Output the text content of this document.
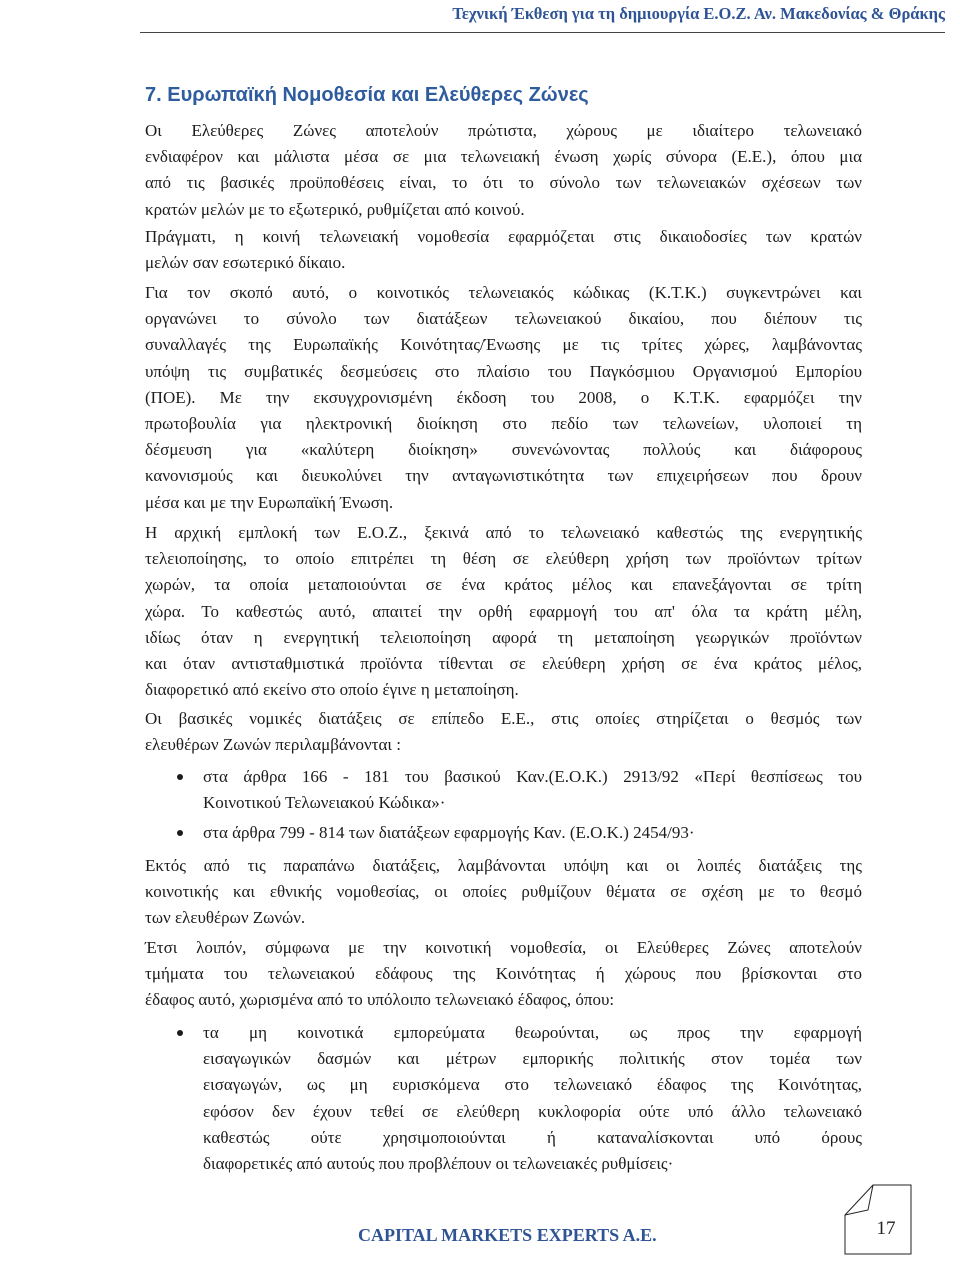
Τεχνική Έκθεση για τη δημιουργία Ε.Ο.Ζ. Αν. Μακεδονίας & Θράκης
7. Ευρωπαϊκή Νομοθεσία και Ελεύθερες Ζώνες
Οι Ελεύθερες Ζώνες αποτελούν πρώτιστα, χώρους με ιδιαίτερο τελωνειακό
ενδιαφέρον και μάλιστα μέσα σε μια τελωνειακή ένωση χωρίς σύνορα (Ε.Ε.), όπου μια
από τις βασικές προϋποθέσεις είναι, το ότι το σύνολο των τελωνειακών σχέσεων των
κρατών μελών με το εξωτερικό, ρυθμίζεται από κοινού.
Πράγματι, η κοινή τελωνειακή νομοθεσία εφαρμόζεται στις δικαιοδοσίες των κρατών
μελών σαν εσωτερικό δίκαιο.
Για τον σκοπό αυτό, ο κοινοτικός τελωνειακός κώδικας (Κ.Τ.Κ.) συγκεντρώνει και
οργανώνει το σύνολο των διατάξεων τελωνειακού δικαίου, που διέπουν τις
συναλλαγές της Ευρωπαϊκής Κοινότητας/Ένωσης με τις τρίτες χώρες, λαμβάνοντας
υπόψη τις συμβατικές δεσμεύσεις στο πλαίσιο του Παγκόσμιου Οργανισμού Εμπορίου
(ΠΟΕ). Με την εκσυγχρονισμένη έκδοση του 2008, ο Κ.Τ.Κ. εφαρμόζει την
πρωτοβουλία για ηλεκτρονική διοίκηση στο πεδίο των τελωνείων, υλοποιεί τη
δέσμευση για «καλύτερη διοίκηση» συνενώνοντας πολλούς και διάφορους
κανονισμούς και διευκολύνει την ανταγωνιστικότητα των επιχειρήσεων που δρουν
μέσα και με την Ευρωπαϊκή Ένωση.
Η αρχική εμπλοκή των Ε.Ο.Ζ., ξεκινά από το τελωνειακό καθεστώς της ενεργητικής
τελειοποίησης, το οποίο επιτρέπει τη θέση σε ελεύθερη χρήση των προϊόντων τρίτων
χωρών, τα οποία μεταποιούνται σε ένα κράτος μέλος και επανεξάγονται σε τρίτη
χώρα. Το καθεστώς αυτό, απαιτεί την ορθή εφαρμογή του απ' όλα τα κράτη μέλη,
ιδίως όταν η ενεργητική τελειοποίηση αφορά τη μεταποίηση γεωργικών προϊόντων
και όταν αντισταθμιστικά προϊόντα τίθενται σε ελεύθερη χρήση σε ένα κράτος μέλος,
διαφορετικό από εκείνο στο οποίο έγινε η μεταποίηση.
Οι βασικές νομικές διατάξεις σε επίπεδο Ε.Ε., στις οποίες στηρίζεται ο θεσμός των
ελευθέρων Ζωνών περιλαμβάνονται :
στα άρθρα 166 - 181 του βασικού Καν.(Ε.Ο.Κ.) 2913/92 «Περί θεσπίσεως του
Κοινοτικού Τελωνειακού Κώδικα»·
στα άρθρα 799 - 814 των διατάξεων εφαρμογής Καν. (Ε.Ο.Κ.) 2454/93·
Εκτός από τις παραπάνω διατάξεις, λαμβάνονται υπόψη και οι λοιπές διατάξεις της
κοινοτικής και εθνικής νομοθεσίας, οι οποίες ρυθμίζουν θέματα σε σχέση με το θεσμό
των ελευθέρων Ζωνών.
Έτσι λοιπόν, σύμφωνα με την κοινοτική νομοθεσία, οι Ελεύθερες Ζώνες αποτελούν
τμήματα του τελωνειακού εδάφους της Κοινότητας ή χώρους που βρίσκονται στο
έδαφος αυτό, χωρισμένα από το υπόλοιπο τελωνειακό έδαφος, όπου:
τα μη κοινοτικά εμπορεύματα θεωρούνται, ως προς την εφαρμογή
εισαγωγικών δασμών και μέτρων εμπορικής πολιτικής στον τομέα των
εισαγωγών, ως μη ευρισκόμενα στο τελωνειακό έδαφος της Κοινότητας,
εφόσον δεν έχουν τεθεί σε ελεύθερη κυκλοφορία ούτε υπό άλλο τελωνειακό
καθεστώς ούτε χρησιμοποιούνται ή καταναλίσκονται υπό όρους
διαφορετικές από αυτούς που προβλέπουν οι τελωνειακές ρυθμίσεις·
CAPITAL MARKETS EXPERTS A.E.	17
